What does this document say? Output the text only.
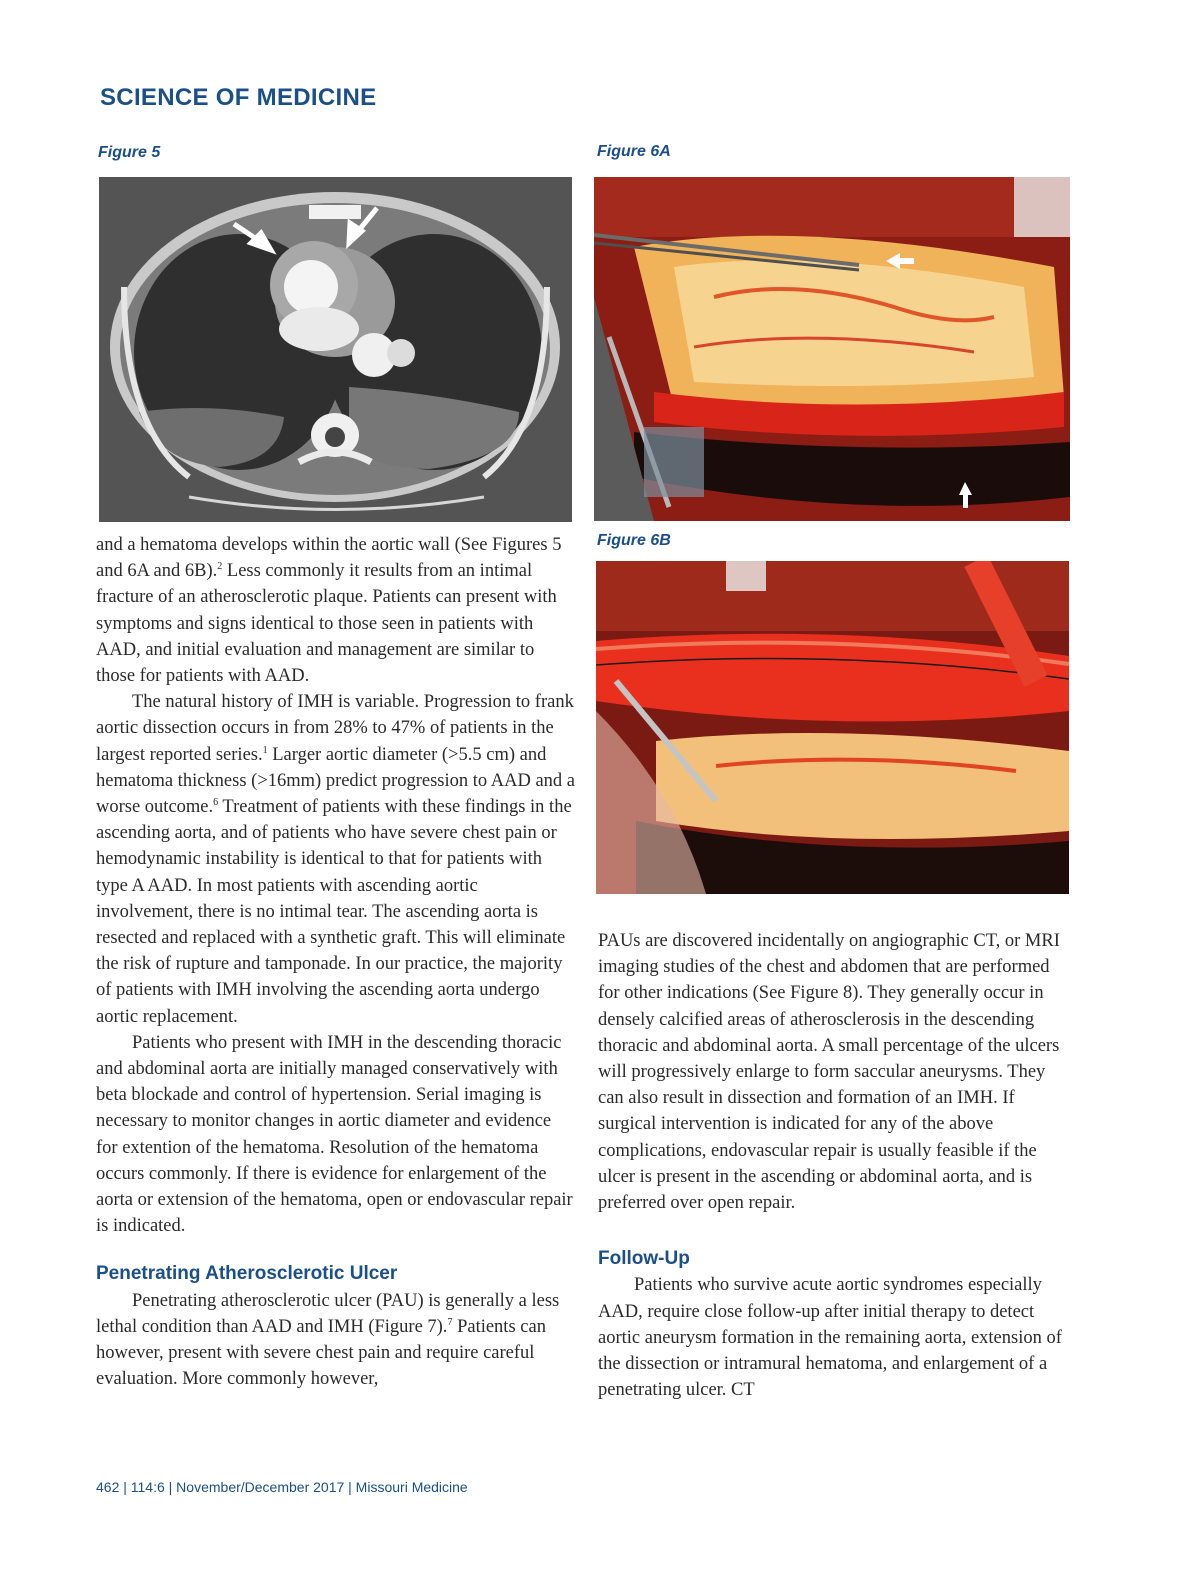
SCIENCE OF MEDICINE
Figure 5	Figure 6A
Figure 6B

and a hematoma develops within the aortic wall (See Figures 5 and 6A and 6B).$^2$ Less commonly it results from an intimal fracture of an atherosclerotic plaque. Patients can present with symptoms and signs identical to those seen in patients with AAD, and initial evaluation and management are similar to those for patients with AAD.

The natural history of IMH is variable. Progression to frank aortic dissection occurs in from 28% to 47% of patients in the largest reported series.$^1$ Larger aortic diameter (>5.5 cm) and hematoma thickness (>16mm) predict progression to AAD and a worse outcome.$^6$ Treatment of patients with these findings in the ascending aorta, and of patients who have severe chest pain or hemodynamic instability is identical to that for patients with type A AAD. In most patients with ascending aortic involvement, there is no intimal tear. The ascending aorta is resected and replaced with a synthetic graft. This will eliminate the risk of rupture and tamponade. In our practice, the majority of patients with IMH involving the ascending aorta undergo aortic replacement.

Patients who present with IMH in the descending thoracic and abdominal aorta are initially managed conservatively with beta blockade and control of hypertension. Serial imaging is necessary to monitor changes in aortic diameter and evidence for extention of the hematoma. Resolution of the hematoma occurs commonly. If there is evidence for enlargement of the aorta or extension of the hematoma, open or endovascular repair is indicated.

Penetrating Atherosclerotic Ulcer

Penetrating atherosclerotic ulcer (PAU) is generally a less lethal condition than AAD and IMH (Figure 7).$^7$ Patients can however, present with severe chest pain and require careful evaluation. More commonly however,

PAUs are discovered incidentally on angiographic CT, or MRI imaging studies of the chest and abdomen that are performed for other indications (See Figure 8). They generally occur in densely calcified areas of atherosclerosis in the descending thoracic and abdominal aorta. A small percentage of the ulcers will progressively enlarge to form saccular aneurysms. They can also result in dissection and formation of an IMH. If surgical intervention is indicated for any of the above complications, endovascular repair is usually feasible if the ulcer is present in the ascending or abdominal aorta, and is preferred over open repair.

Follow-Up

Patients who survive acute aortic syndromes especially AAD, require close follow-up after initial therapy to detect aortic aneurysm formation in the remaining aorta, extension of the dissection or intramural hematoma, and enlargement of a penetrating ulcer. CT

462 | 114:6 | November/December 2017 | Missouri Medicine
